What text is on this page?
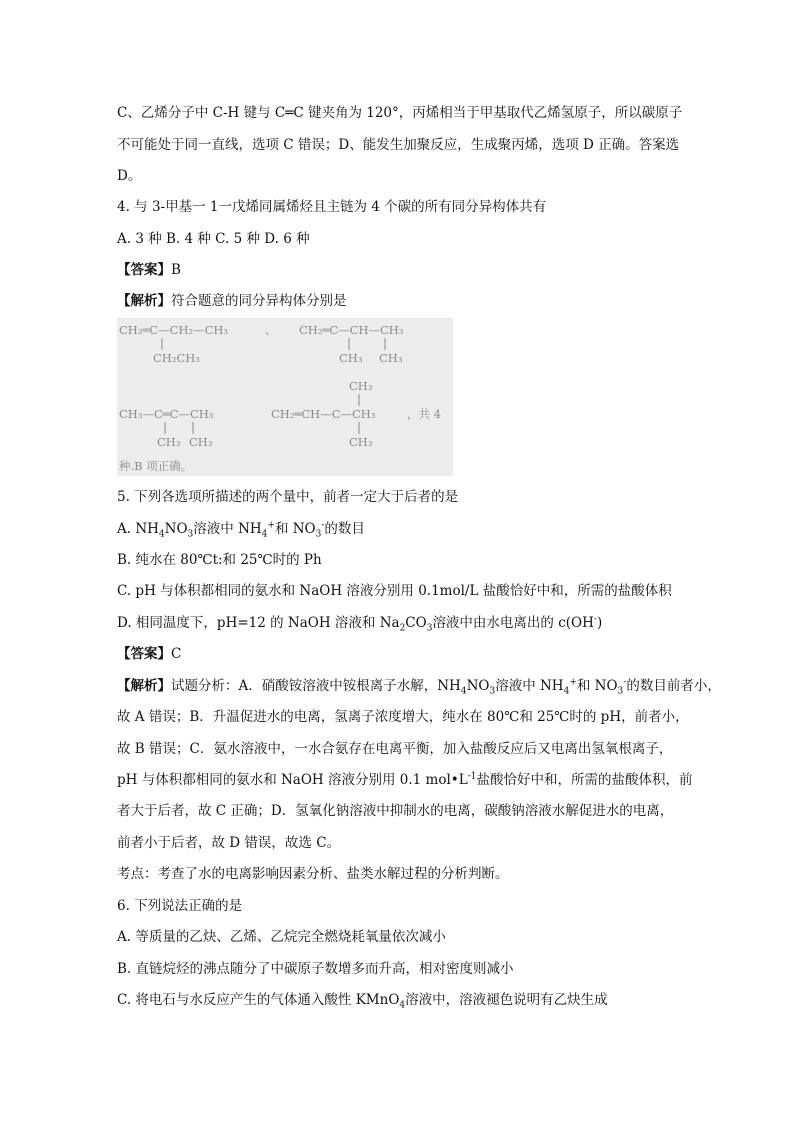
C、乙烯分子中 C-H 键与 C═C 键夹角为 120°，丙烯相当于甲基取代乙烯氢原子，所以碳原子

不可能处于同一直线，选项 C 错误；D、能发生加聚反应，生成聚丙烯，选项 D 正确。答案选

D。

4. 与 3-甲基一 1一戊烯同属烯烃且主链为 4 个碳的所有同分异构体共有

A. 3 种 B. 4 种 C. 5 种 D. 6 种

【答案】B

【解析】符合题意的同分异构体分别是

CH₂═C—CH₂—CH₃
CH₂CH₃
、 CH₂═C—CH—CH₃
CH₃ CH₃
CH₃—C═C—CH₃
CH₃ CH₃
CH₃
CH₂═CH—C—CH₃
CH₃
，共 4
种.B 项正确。

5. 下列各选项所描述的两个量中，前者一定大于后者的是

A. $NH_4NO_3$溶液中 $NH_4^+$和 $NO_3^-$的数目

B. 纯水在 80℃t:和 25℃时的 Ph

C. pH 与体积都相同的氨水和 NaOH 溶液分别用 0.1mol/L 盐酸恰好中和，所需的盐酸体积

D. 相同温度下，pH=12 的 NaOH 溶液和 $Na_2CO_3$溶液中由水电离出的 c(OH-)

【答案】C

【解析】试题分析：A．硝酸铵溶液中铵根离子水解，$NH_4NO_3$溶液中 $NH_4^+$和 $NO_3^-$的数目前者小，

故 A 错误；B．升温促进水的电离，氢离子浓度增大，纯水在 80℃和 25℃时的 pH，前者小，

故 B 错误；C．氨水溶液中，一水合氨存在电离平衡，加入盐酸反应后又电离出氢氧根离子，

pH 与体积都相同的氨水和 NaOH 溶液分别用 0.1 $mol•L^{-1}$盐酸恰好中和，所需的盐酸体积，前

者大于后者，故 C 正确；D．氢氧化钠溶液中抑制水的电离，碳酸钠溶液水解促进水的电离，

前者小于后者，故 D 错误，故选 C。

考点：考查了水的电离影响因素分析、盐类水解过程的分析判断。

6. 下列说法正确的是

A. 等质量的乙炔、乙烯、乙烷完全燃烧耗氧量依次减小

B. 直链烷烃的沸点随分了中碳原子数增多而升高，相对密度则减小

C. 将电石与水反应产生的气体通入酸性 KMnO$_4$溶液中，溶液褪色说明有乙炔生成
